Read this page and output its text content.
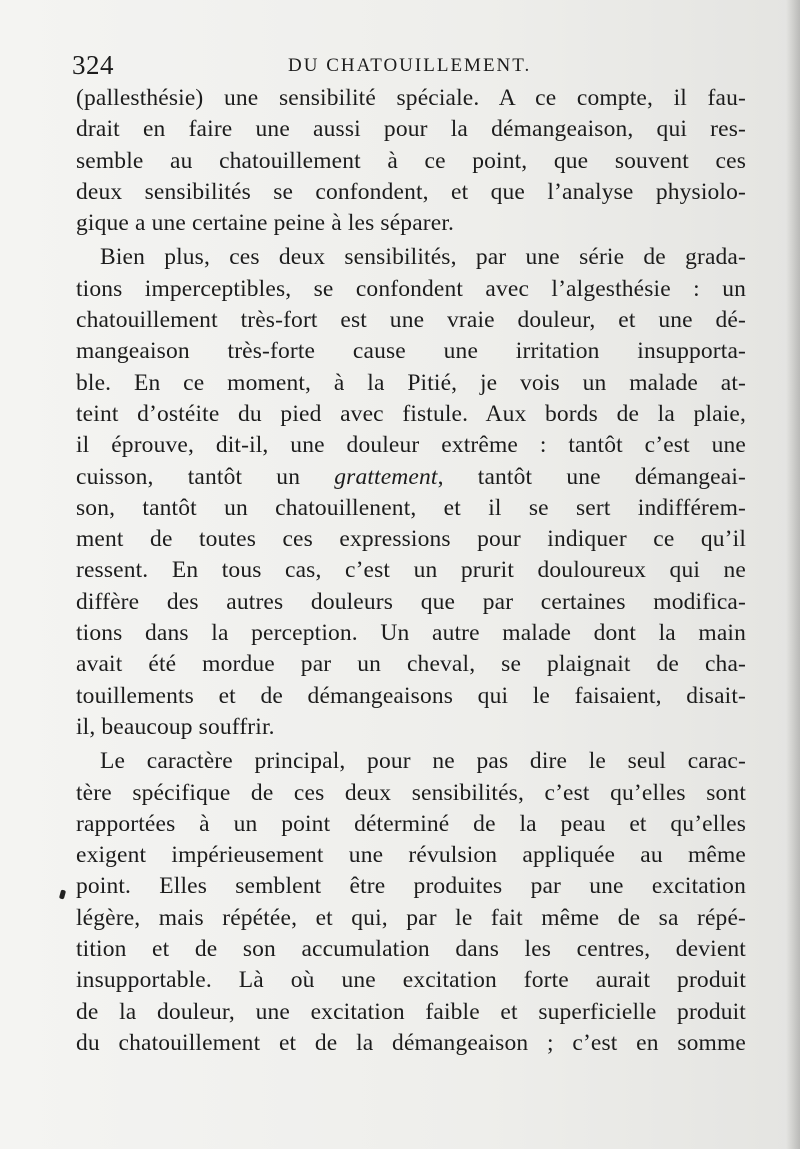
324	DU CHATOUILLEMENT.
(pallesthésie) une sensibilité spéciale. A ce compte, il fau-
drait en faire une aussi pour la démangeaison, qui res-
semble au chatouillement à ce point, que souvent ces
deux sensibilités se confondent, et que l’analyse physiolo-
gique a une certaine peine à les séparer.
Bien plus, ces deux sensibilités, par une série de grada-
tions imperceptibles, se confondent avec l’algesthésie : un
chatouillement très-fort est une vraie douleur, et une dé-
mangeaison très-forte cause une irritation insupporta-
ble. En ce moment, à la Pitié, je vois un malade at-
teint d’ostéite du pied avec fistule. Aux bords de la plaie,
il éprouve, dit-il, une douleur extrême : tantôt c’est une
cuisson, tantôt un grattement, tantôt une démangeai-
son, tantôt un chatouillenent, et il se sert indifférem-
ment de toutes ces expressions pour indiquer ce qu’il
ressent. En tous cas, c’est un prurit douloureux qui ne
diffère des autres douleurs que par certaines modifica-
tions dans la perception. Un autre malade dont la main
avait été mordue par un cheval, se plaignait de cha-
touillements et de démangeaisons qui le faisaient, disait-
il, beaucoup souffrir.
Le caractère principal, pour ne pas dire le seul carac-
tère spécifique de ces deux sensibilités, c’est qu’elles sont
rapportées à un point déterminé de la peau et qu’elles
exigent impérieusement une révulsion appliquée au même
point. Elles semblent être produites par une excitation
légère, mais répétée, et qui, par le fait même de sa répé-
tition et de son accumulation dans les centres, devient
insupportable. Là où une excitation forte aurait produit
de la douleur, une excitation faible et superficielle produit
du chatouillement et de la démangeaison ; c’est en somme
